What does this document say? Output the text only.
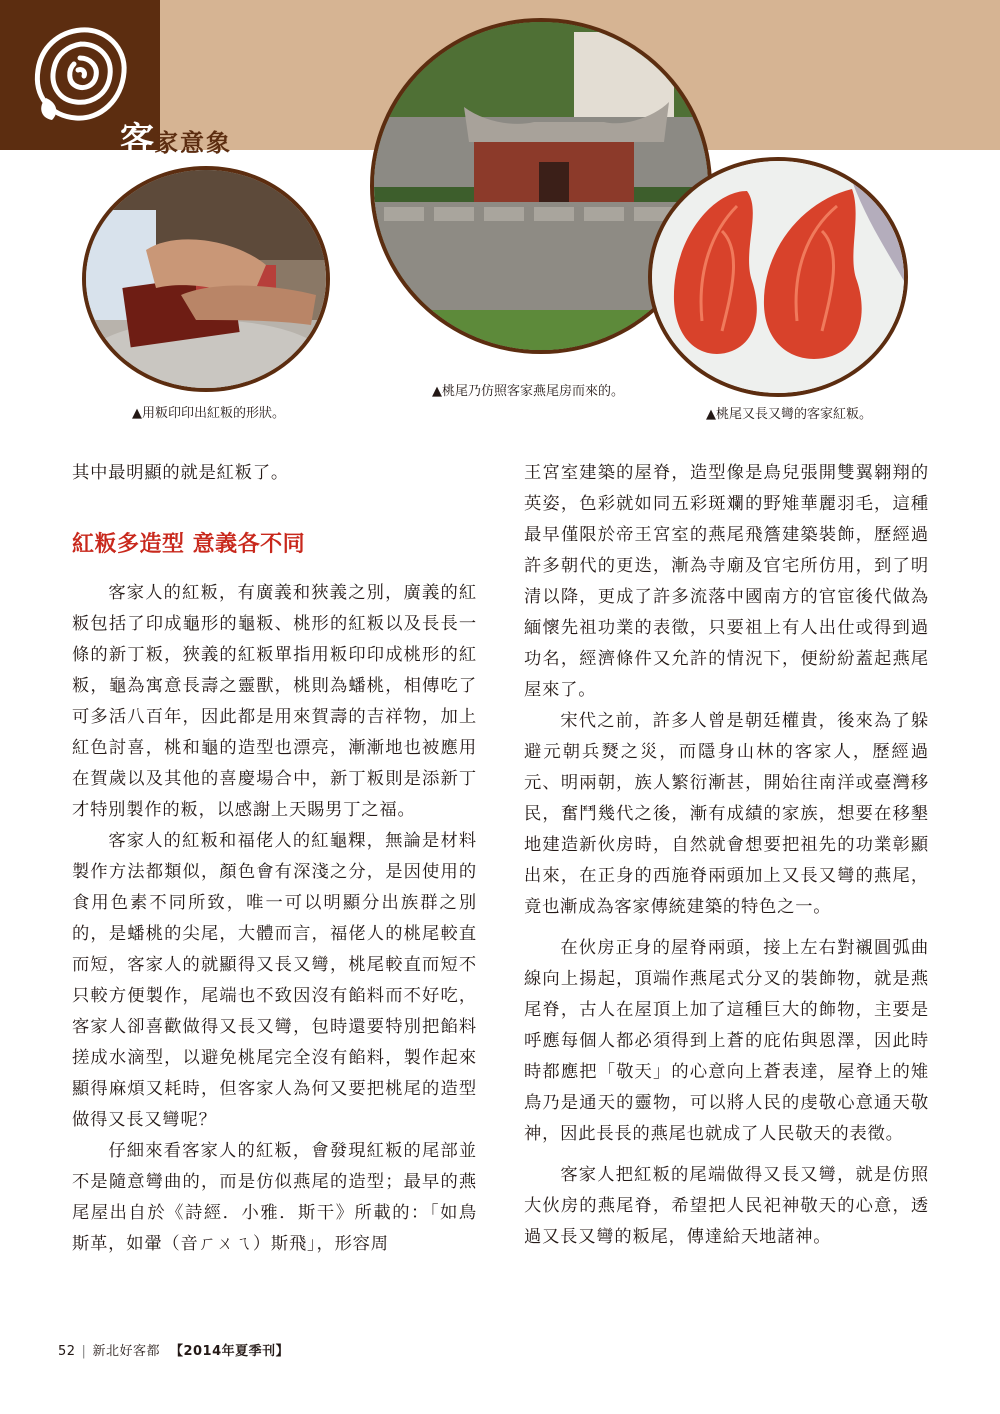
客家意象
▲用粄印印出紅粄的形狀。
▲桃尾乃仿照客家燕尾房而來的。
▲桃尾又長又彎的客家紅粄。

其中最明顯的就是紅粄了。

紅粄多造型 意義各不同

客家人的紅粄，有廣義和狹義之別，廣義的紅粄包括了印成龜形的龜粄、桃形的紅粄以及長長一條的新丁粄，狹義的紅粄單指用粄印印成桃形的紅粄，龜為寓意長壽之靈獸，桃則為蟠桃，相傳吃了可多活八百年，因此都是用來賀壽的吉祥物，加上紅色討喜，桃和龜的造型也漂亮，漸漸地也被應用在賀歲以及其他的喜慶場合中，新丁粄則是添新丁才特別製作的粄，以感謝上天賜男丁之福。

客家人的紅粄和福佬人的紅龜粿，無論是材料製作方法都類似，顏色會有深淺之分，是因使用的食用色素不同所致，唯一可以明顯分出族群之別的，是蟠桃的尖尾，大體而言，福佬人的桃尾較直而短，客家人的就顯得又長又彎，桃尾較直而短不只較方便製作，尾端也不致因沒有餡料而不好吃，客家人卻喜歡做得又長又彎，包時還要特別把餡料搓成水滴型，以避免桃尾完全沒有餡料，製作起來顯得麻煩又耗時，但客家人為何又要把桃尾的造型做得又長又彎呢？

仔細來看客家人的紅粄，會發現紅粄的尾部並不是隨意彎曲的，而是仿似燕尾的造型；最早的燕尾屋出自於《詩經．小雅．斯干》所載的：「如鳥斯革，如翬（音ㄏㄨㄟ）斯飛」，形容周

王宮室建築的屋脊，造型像是鳥兒張開雙翼翱翔的英姿，色彩就如同五彩斑斕的野雉華麗羽毛，這種最早僅限於帝王宮室的燕尾飛簷建築裝飾，歷經過許多朝代的更迭，漸為寺廟及官宅所仿用，到了明清以降，更成了許多流落中國南方的官宦後代做為緬懷先祖功業的表徵，只要祖上有人出仕或得到過功名，經濟條件又允許的情況下，便紛紛蓋起燕尾屋來了。

宋代之前，許多人曾是朝廷權貴，後來為了躲避元朝兵燹之災，而隱身山林的客家人，歷經過元、明兩朝，族人繁衍漸甚，開始往南洋或臺灣移民，奮鬥幾代之後，漸有成績的家族，想要在移墾地建造新伙房時，自然就會想要把祖先的功業彰顯出來，在正身的西施脊兩頭加上又長又彎的燕尾，竟也漸成為客家傳統建築的特色之一。

在伙房正身的屋脊兩頭，接上左右對襯圓弧曲線向上揚起，頂端作燕尾式分叉的裝飾物，就是燕尾脊，古人在屋頂上加了這種巨大的飾物，主要是呼應每個人都必須得到上蒼的庇佑與恩澤，因此時時都應把「敬天」的心意向上蒼表達，屋脊上的雉鳥乃是通天的靈物，可以將人民的虔敬心意通天敬神，因此長長的燕尾也就成了人民敬天的表徵。

客家人把紅粄的尾端做得又長又彎，就是仿照大伙房的燕尾脊，希望把人民祀神敬天的心意，透過又長又彎的粄尾，傳達給天地諸神。

52 | 新北好客都 【2014年夏季刊】
